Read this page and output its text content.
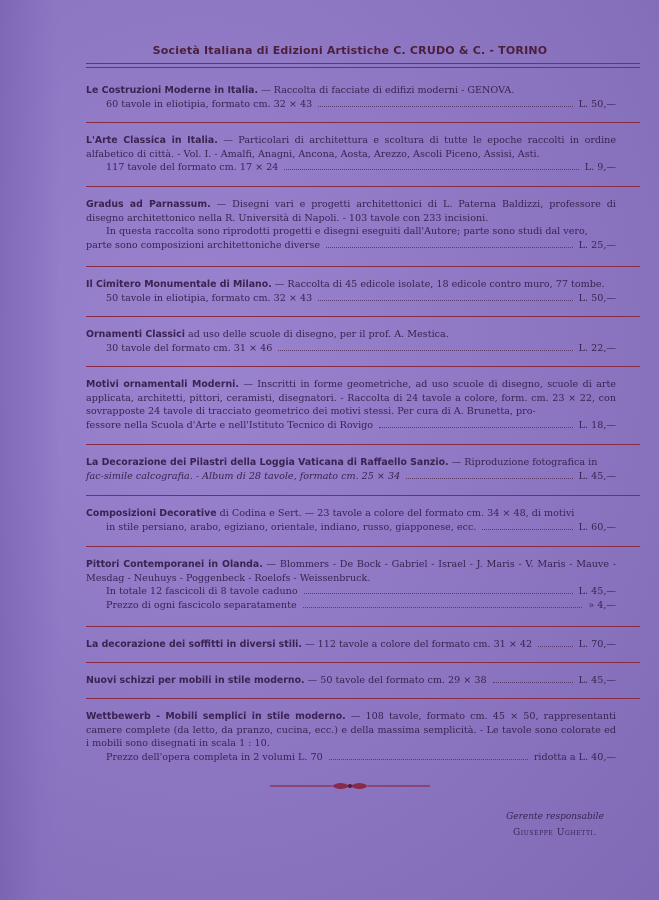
Società Italiana di Edizioni Artistiche C. CRUDO & C. - TORINO
Le Costruzioni Moderne in Italia. — Raccolta di facciate di edifizi moderni - GENOVA.
60 tavole in eliotipia, formato cm. 32 × 43	L. 50,—
L'Arte Classica in Italia. — Particolari di architettura e scoltura di tutte le epoche raccolti in ordine alfabetico di città. - Vol. I. - Amalfi, Anagni, Ancona, Aosta, Arezzo, Ascoli Piceno, Assisi, Asti.
117 tavole del formato cm. 17 × 24	L. 9,—
Gradus ad Parnassum. — Disegni vari e progetti architettonici di L. Paterna Baldizzi, professore di disegno architettonico nella R. Università di Napoli. - 103 tavole con 233 incisioni.
In questa raccolta sono riprodotti progetti e disegni eseguiti dall'Autore; parte sono studi dal vero,
parte sono composizioni architettoniche diverse	L. 25,—
Il Cimitero Monumentale di Milano. — Raccolta di 45 edicole isolate, 18 edicole contro muro, 77 tombe.
50 tavole in eliotipia, formato cm. 32 × 43	L. 50,—
Ornamenti Classici ad uso delle scuole di disegno, per il prof. A. Mestica.
30 tavole del formato cm. 31 × 46	L. 22,—
Motivi ornamentali Moderni. — Inscritti in forme geometriche, ad uso scuole di disegno, scuole di arte applicata, architetti, pittori, ceramisti, disegnatori. - Raccolta di 24 tavole a colore, form. cm. 23 × 22, con sovrapposte 24 tavole di tracciato geometrico dei motivi stessi. Per cura di A. Brunetta, pro-
fessore nella Scuola d'Arte e nell'Istituto Tecnico di Rovigo	L. 18,—
La Decorazione dei Pilastri della Loggia Vaticana di Raffaello Sanzio. — Riproduzione fotografica in
fac-simile calcografia. - Album di 28 tavole, formato cm. 25 × 34	L. 45,—
Composizioni Decorative di Codina e Sert. — 23 tavole a colore del formato cm. 34 × 48, di motivi
in stile persiano, arabo, egiziano, orientale, indiano, russo, giapponese, ecc.	L. 60,—
Pittori Contemporanei in Olanda. — Blommers - De Bock - Gabriel - Israel - J. Maris - V. Maris - Mauve - Mesdag - Neuhuys - Poggenbeck - Roelofs - Weissenbruck.
In totale 12 fascicoli di 8 tavole caduno	L. 45,—
Prezzo di ogni fascicolo separatamente	» 4,—
La decorazione dei soffitti in diversi stili. — 112 tavole a colore del formato cm. 31 × 42	L. 70,—
Nuovi schizzi per mobili in stile moderno. — 50 tavole del formato cm. 29 × 38	L. 45,—
Wettbewerb - Mobili semplici in stile moderno. — 108 tavole, formato cm. 45 × 50, rappresentanti camere complete (da letto, da pranzo, cucina, ecc.) e della massima semplicità. - Le tavole sono colorate ed i mobili sono disegnati in scala 1 : 10.
Prezzo dell'opera completa in 2 volumi L. 70	ridotta a L. 40,—
Gerente responsabile
Giuseppe Ughetti.
